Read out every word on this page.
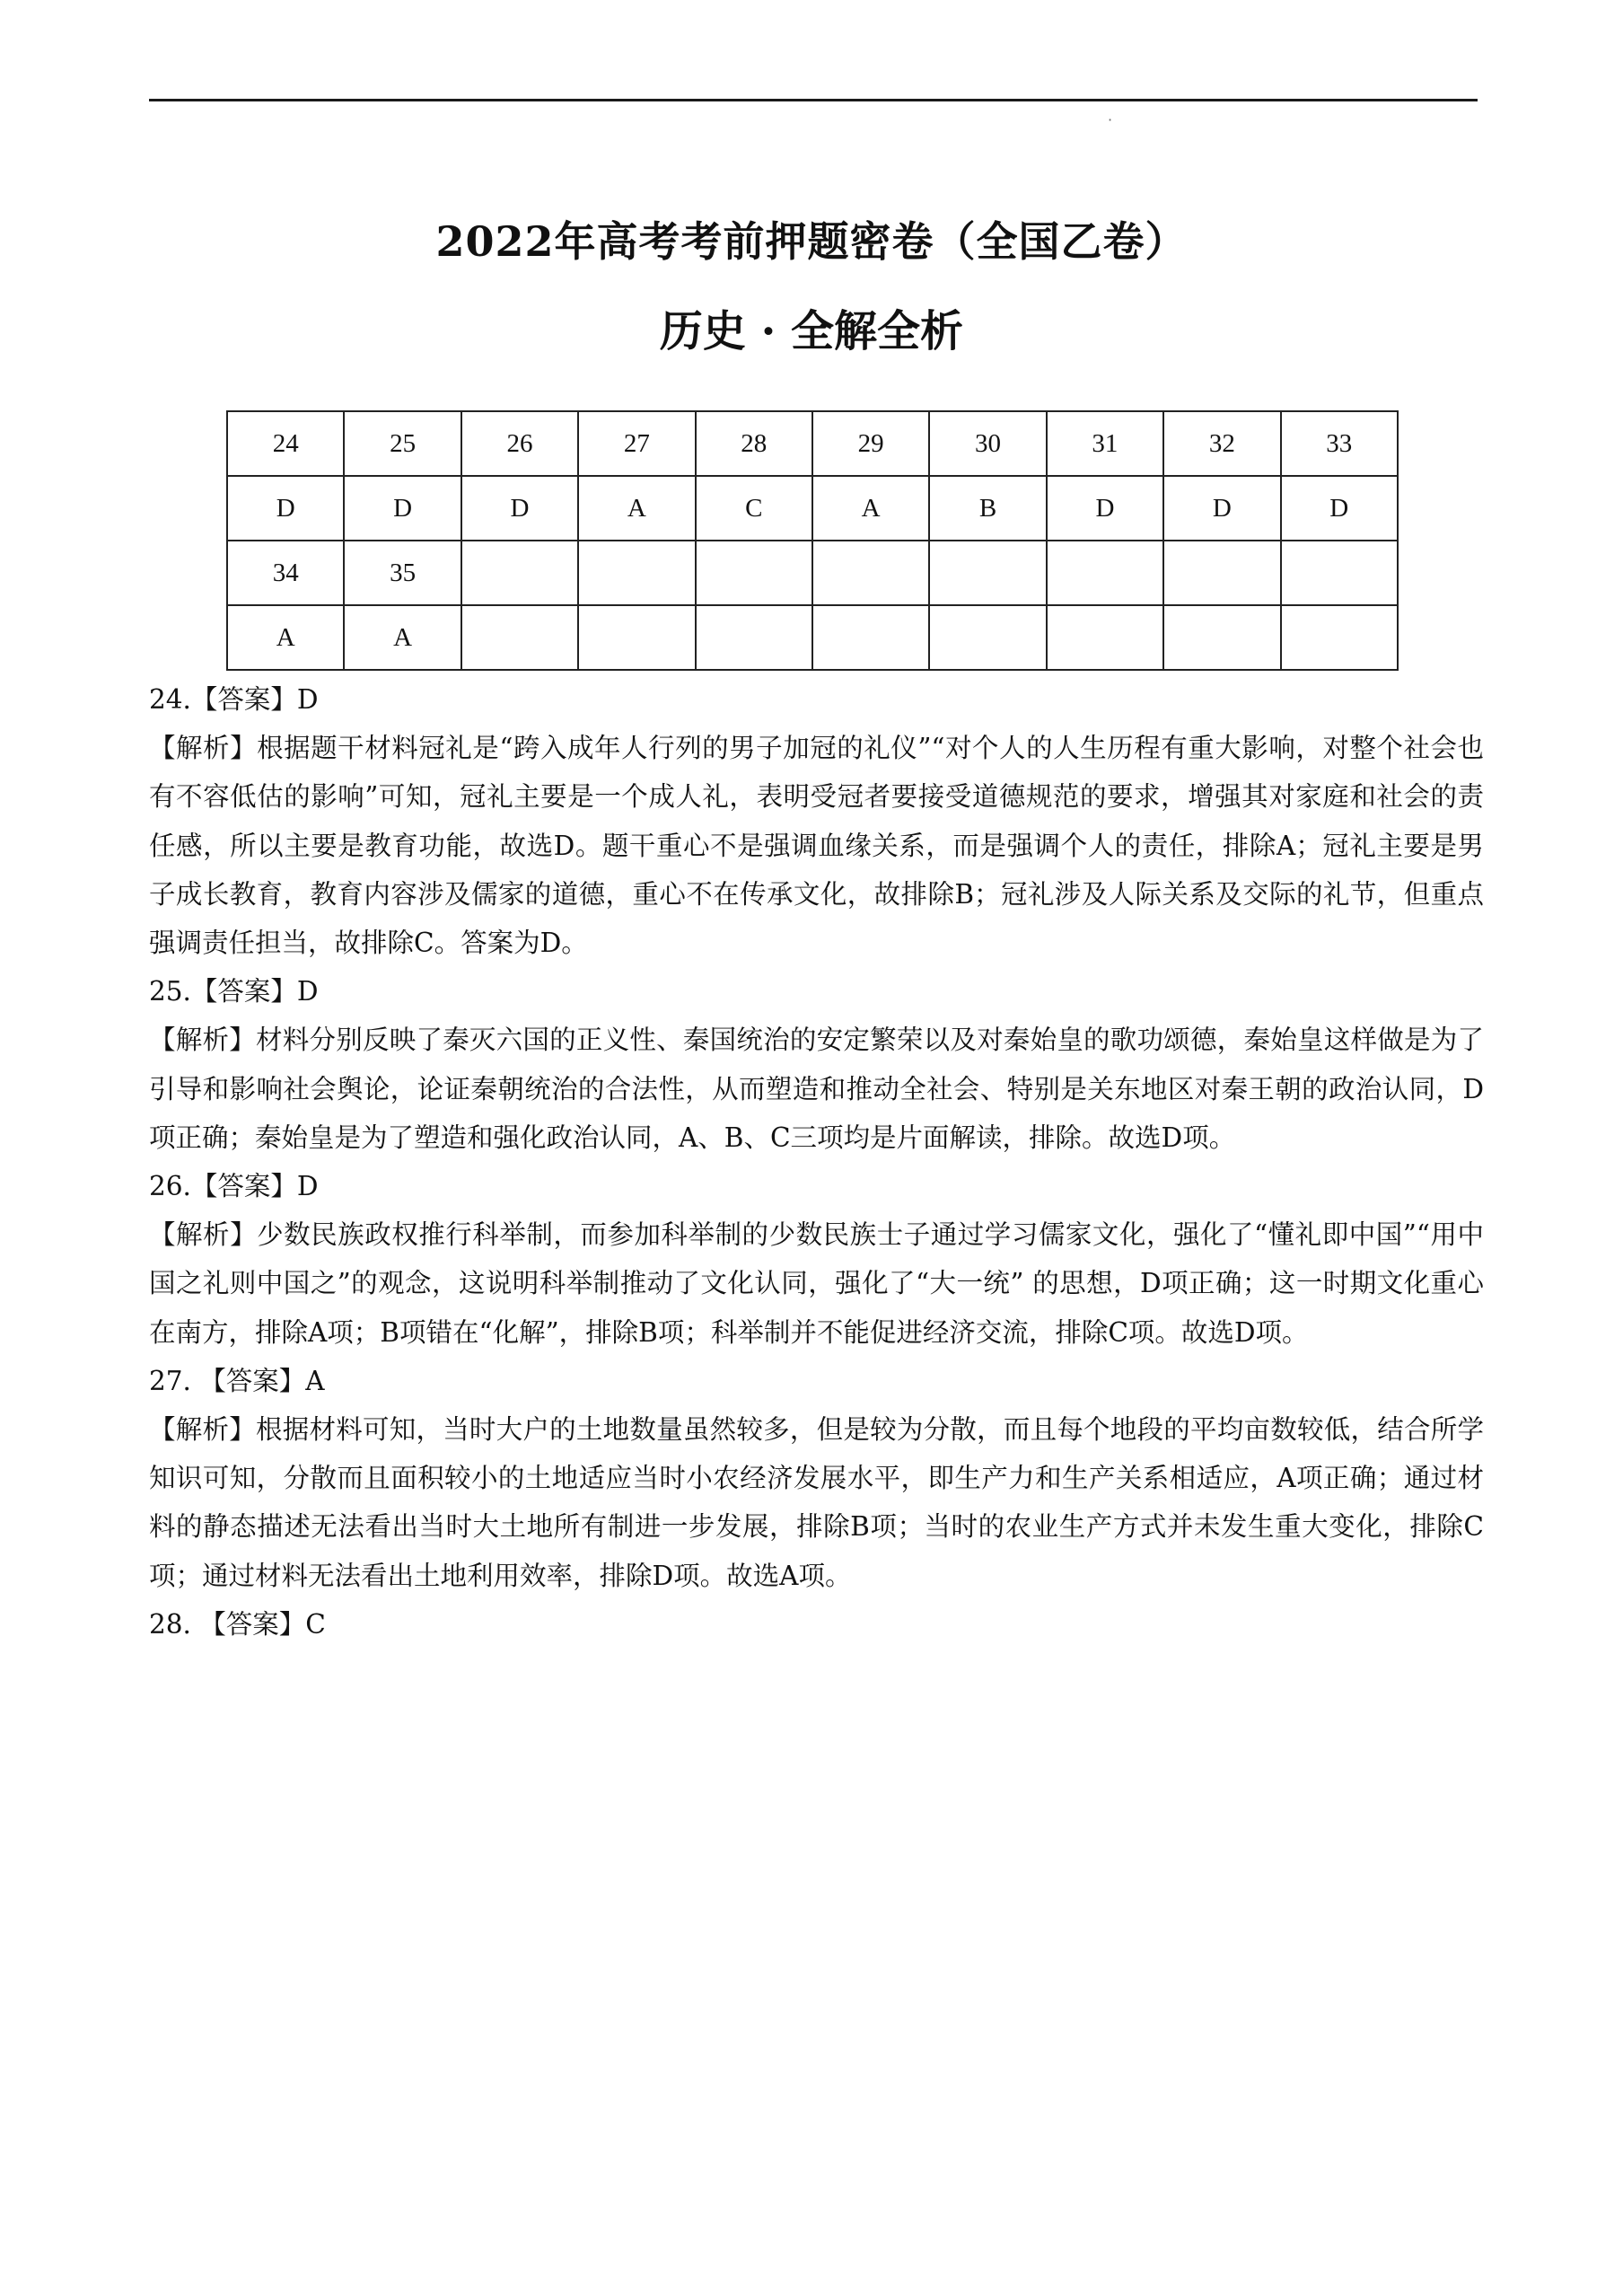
·
2022年高考考前押题密卷（全国乙卷）
历史 · 全解全析
24	25	26	27	28	29	30	31	32	33
D	D	D	A	C	A	B	D	D	D
34	35								
A	A								

24.【答案】D

【解析】根据题干材料冠礼是“跨入成年人行列的男子加冠的礼仪”“对个人的人生历程有重大影响，对整个社会也有不容低估的影响”可知，冠礼主要是一个成人礼，表明受冠者要接受道德规范的要求，增强其对家庭和社会的责任感，所以主要是教育功能，故选D。题干重心不是强调血缘关系，而是强调个人的责任，排除A；冠礼主要是男子成长教育，教育内容涉及儒家的道德，重心不在传承文化，故排除B；冠礼涉及人际关系及交际的礼节，但重点强调责任担当，故排除C。答案为D。

25.【答案】D

【解析】材料分别反映了秦灭六国的正义性、秦国统治的安定繁荣以及对秦始皇的歌功颂德，秦始皇这样做是为了引导和影响社会舆论，论证秦朝统治的合法性，从而塑造和推动全社会、特别是关东地区对秦王朝的政治认同，D项正确；秦始皇是为了塑造和强化政治认同，A、B、C三项均是片面解读，排除。故选D项。

26.【答案】D

【解析】少数民族政权推行科举制，而参加科举制的少数民族士子通过学习儒家文化，强化了“懂礼即中国”“用中国之礼则中国之”的观念，这说明科举制推动了文化认同，强化了“大一统” 的思想，D项正确；这一时期文化重心在南方，排除A项；B项错在“化解”，排除B项；科举制并不能促进经济交流，排除C项。故选D项。

27. 【答案】A

【解析】根据材料可知，当时大户的土地数量虽然较多，但是较为分散，而且每个地段的平均亩数较低，结合所学知识可知，分散而且面积较小的土地适应当时小农经济发展水平，即生产力和生产关系相适应，A项正确；通过材料的静态描述无法看出当时大土地所有制进一步发展，排除B项；当时的农业生产方式并未发生重大变化，排除C项；通过材料无法看出土地利用效率，排除D项。故选A项。

28. 【答案】C
